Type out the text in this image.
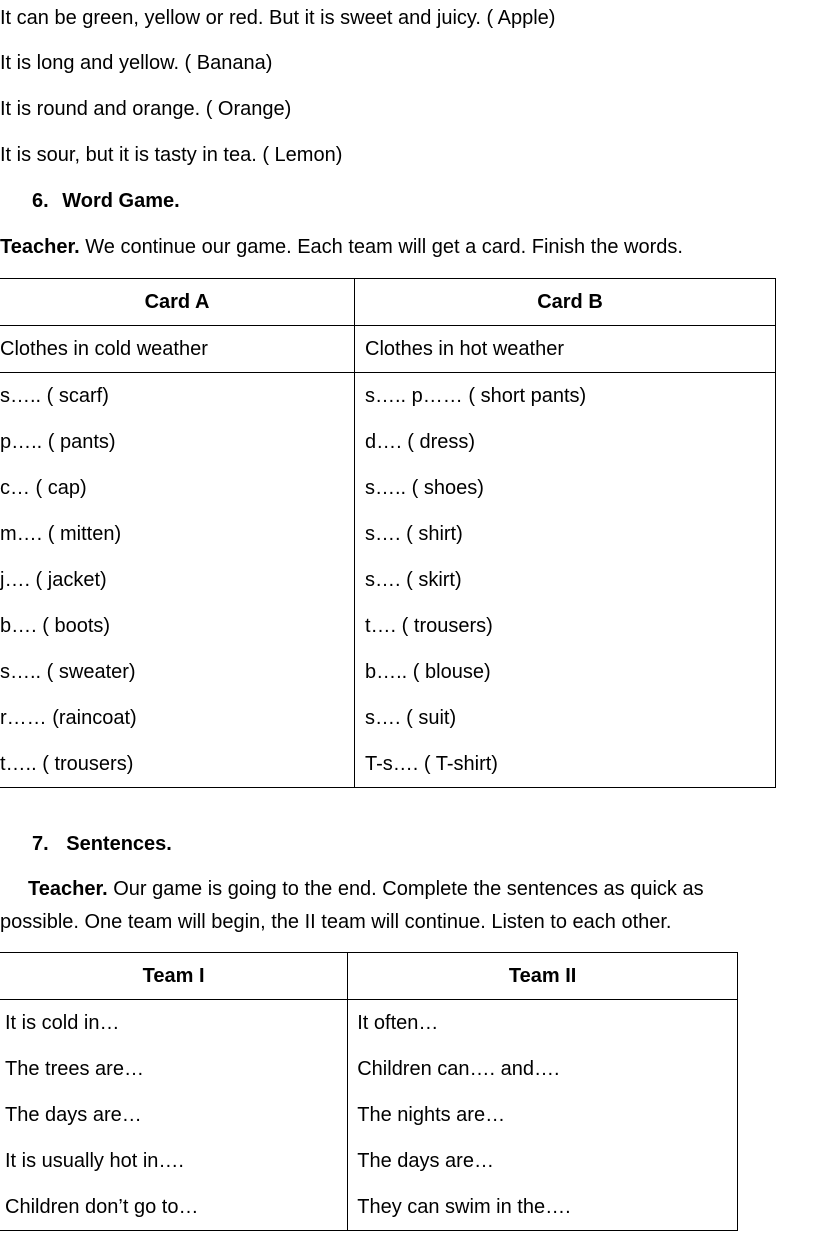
It can be green, yellow or red. But it is sweet and juicy. ( Apple)
It is long and yellow. ( Banana)
It is round and orange. ( Orange)
It is sour, but it is tasty in tea. ( Lemon)
6. Word Game.
Teacher. We continue our game. Each team will get a card. Finish the words.
Card A	Card B
Clothes in cold weather	Clothes in hot weather
s….. ( scarf)	s….. p…… ( short pants)
p….. ( pants)	d…. ( dress)
c… ( cap)	s….. ( shoes)
m…. ( mitten)	s…. ( shirt)
j…. ( jacket)	s…. ( skirt)
b…. ( boots)	t…. ( trousers)
s….. ( sweater)	b….. ( blouse)
r…… (raincoat)	s…. ( suit)
t….. ( trousers)	T-s…. ( T-shirt)
7. Sentences.
Teacher. Our game is going to the end. Complete the sentences as quick as
possible. One team will begin, the II team will continue. Listen to each other.
Team I	Team II
It is cold in…	It often…
The trees are…	Children can…. and….
The days are…	The nights are…
It is usually hot in….	The days are…
Children don’t go to…	They can swim in the….
